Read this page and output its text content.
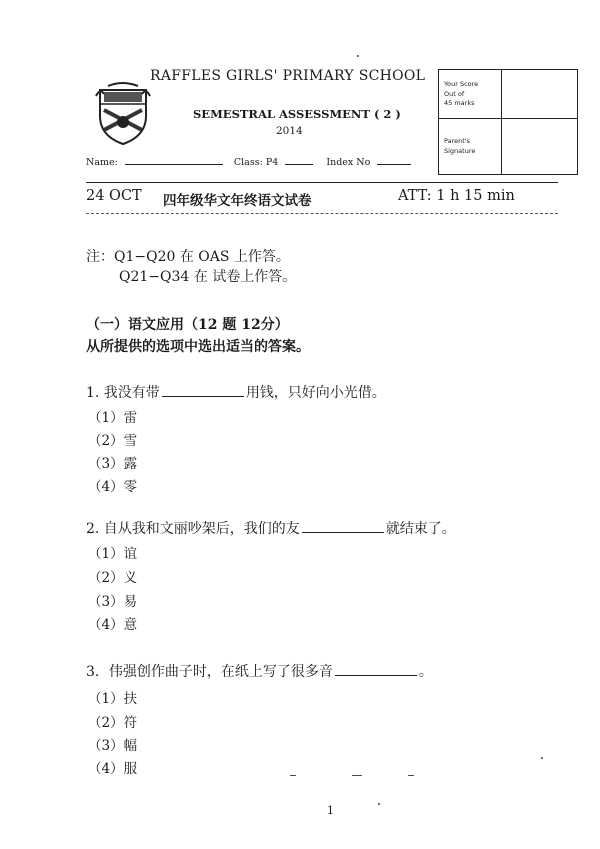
RAFFLES GIRLS' PRIMARY SCHOOL
SEMESTRAL ASSESSMENT ( 2 )
2014
Name:	Class: P4	Index No
Your Score
Out of
45 marks
Parent's
Signature
24 OCT 四年级华文年终语文试卷	ATT: 1 h 15 min
注：Q1−Q20 在 OAS 上作答。
Q21−Q34 在 试卷上作答。
（一）语文应用（12 题 12分）
从所提供的选项中选出适当的答案。
1. 我没有带	用钱，只好向小光借。
（1）雷
（2）雪
（3）露
（4）零
2. 自从我和文丽吵架后，我们的友	就结束了。
（1）谊
（2）义
（3）易
（4）意
3．伟强创作曲子时，在纸上写了很多音	。
（1）扶
（2）符
（3）幅
（4）服
1
